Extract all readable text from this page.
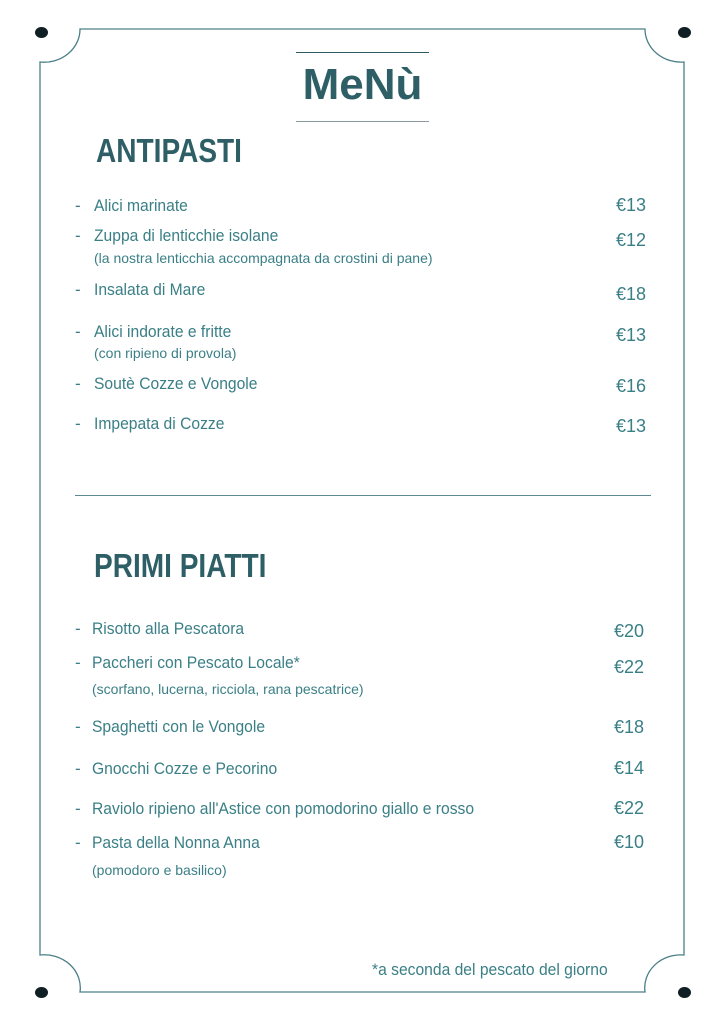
MeNù
ANTIPASTI
- Alici marinate	€13
- Zuppa di lenticchie isolane
(la nostra lenticchia accompagnata da crostini di pane)
€12
- Insalata di Mare	€18
- Alici indorate e fritte
(con ripieno di provola)
€13
- Soutè Cozze e Vongole	€16
- Impepata di Cozze	€13
PRIMI PIATTI
- Risotto alla Pescatora	€20
- Paccheri con Pescato Locale*
(scorfano, lucerna, ricciola, rana pescatrice)
€22
- Spaghetti con le Vongole	€18
- Gnocchi Cozze e Pecorino	€14
- Raviolo ripieno all'Astice con pomodorino giallo e rosso	€22
- Pasta della Nonna Anna
(pomodoro e basilico)
€10
*a seconda del pescato del giorno
